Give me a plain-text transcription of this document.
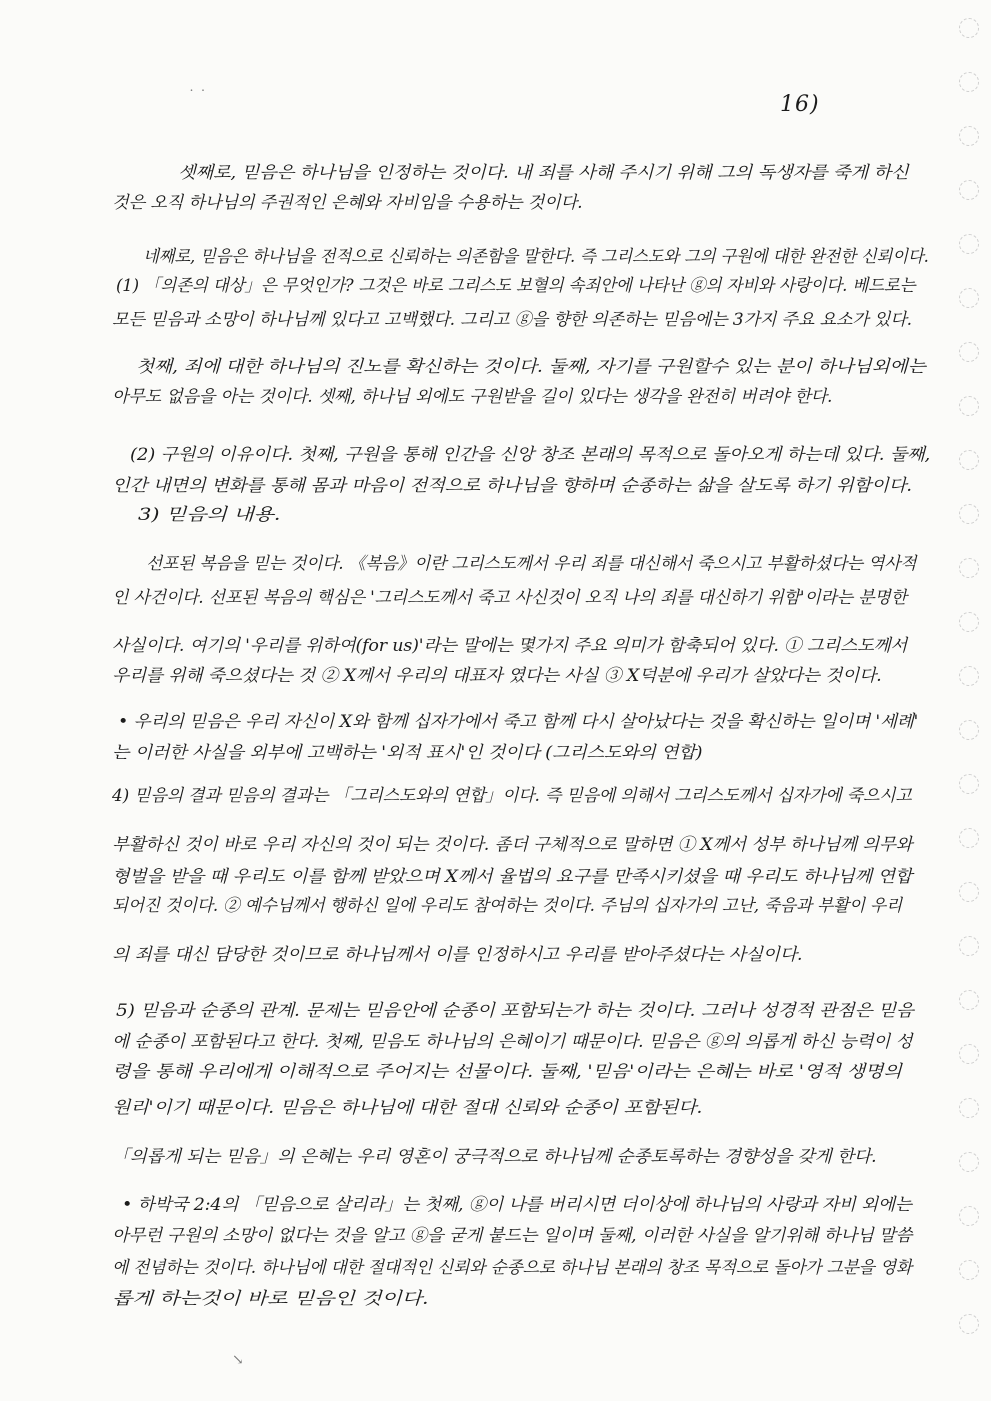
16)
셋째로, 믿음은 하나님을 인정하는 것이다. 내 죄를 사해 주시기 위해 그의 독생자를 죽게 하신
것은 오직 하나님의 주권적인 은혜와 자비임을 수용하는 것이다.
네째로, 믿음은 하나님을 전적으로 신뢰하는 의존함을 말한다. 즉 그리스도와 그의 구원에 대한 완전한 신뢰이다.
(1) 「의존의 대상」은 무엇인가? 그것은 바로 그리스도 보혈의 속죄안에 나타난 ⓖ의 자비와 사랑이다. 베드로는
모든 믿음과 소망이 하나님께 있다고 고백했다. 그리고 ⓖ을 향한 의존하는 믿음에는 3가지 주요 요소가 있다.
첫째, 죄에 대한 하나님의 진노를 확신하는 것이다. 둘째, 자기를 구원할수 있는 분이 하나님외에는
아무도 없음을 아는 것이다. 셋째, 하나님 외에도 구원받을 길이 있다는 생각을 완전히 버려야 한다.
(2) 구원의 이유이다. 첫째, 구원을 통해 인간을 신앙 창조 본래의 목적으로 돌아오게 하는데 있다. 둘째,
인간 내면의 변화를 통해 몸과 마음이 전적으로 하나님을 향하며 순종하는 삶을 살도록 하기 위함이다.
3) 믿음의 내용.
선포된 복음을 믿는 것이다. 《복음》이란 그리스도께서 우리 죄를 대신해서 죽으시고 부활하셨다는 역사적
인 사건이다. 선포된 복음의 핵심은 '그리스도께서 죽고 사신것이 오직 나의 죄를 대신하기 위함'이라는 분명한
사실이다. 여기의 '우리를 위하여(for us)'라는 말에는 몇가지 주요 의미가 함축되어 있다. ① 그리스도께서
우리를 위해 죽으셨다는 것 ② X께서 우리의 대표자 였다는 사실 ③ X덕분에 우리가 살았다는 것이다.
• 우리의 믿음은 우리 자신이 X와 함께 십자가에서 죽고 함께 다시 살아났다는 것을 확신하는 일이며 '세례'
는 이러한 사실을 외부에 고백하는 '외적 표시'인 것이다 (그리스도와의 연합)
4) 믿음의 결과 믿음의 결과는 「그리스도와의 연합」이다. 즉 믿음에 의해서 그리스도께서 십자가에 죽으시고
부활하신 것이 바로 우리 자신의 것이 되는 것이다. 좀더 구체적으로 말하면 ① X께서 성부 하나님께 의무와
형벌을 받을 때 우리도 이를 함께 받았으며 X께서 율법의 요구를 만족시키셨을 때 우리도 하나님께 연합
되어진 것이다. ② 예수님께서 행하신 일에 우리도 참여하는 것이다. 주님의 십자가의 고난, 죽음과 부활이 우리
의 죄를 대신 담당한 것이므로 하나님께서 이를 인정하시고 우리를 받아주셨다는 사실이다.
5) 믿음과 순종의 관계. 문제는 믿음안에 순종이 포함되는가 하는 것이다. 그러나 성경적 관점은 믿음
에 순종이 포함된다고 한다. 첫째, 믿음도 하나님의 은혜이기 때문이다. 믿음은 ⓖ의 의롭게 하신 능력이 성
령을 통해 우리에게 이해적으로 주어지는 선물이다. 둘째, '믿음'이라는 은혜는 바로 '영적 생명의
원리'이기 때문이다. 믿음은 하나님에 대한 절대 신뢰와 순종이 포함된다.
「의롭게 되는 믿음」의 은혜는 우리 영혼이 궁극적으로 하나님께 순종토록하는 경향성을 갖게 한다.
• 하박국 2:4의 「믿음으로 살리라」는 첫째, ⓖ이 나를 버리시면 더이상에 하나님의 사랑과 자비 외에는
아무런 구원의 소망이 없다는 것을 알고 ⓖ을 굳게 붙드는 일이며 둘째, 이러한 사실을 알기위해 하나님 말씀
에 전념하는 것이다. 하나님에 대한 절대적인 신뢰와 순종으로 하나님 본래의 창조 목적으로 돌아가 그분을 영화
롭게 하는것이 바로 믿음인 것이다.
˙ ˙
↘
